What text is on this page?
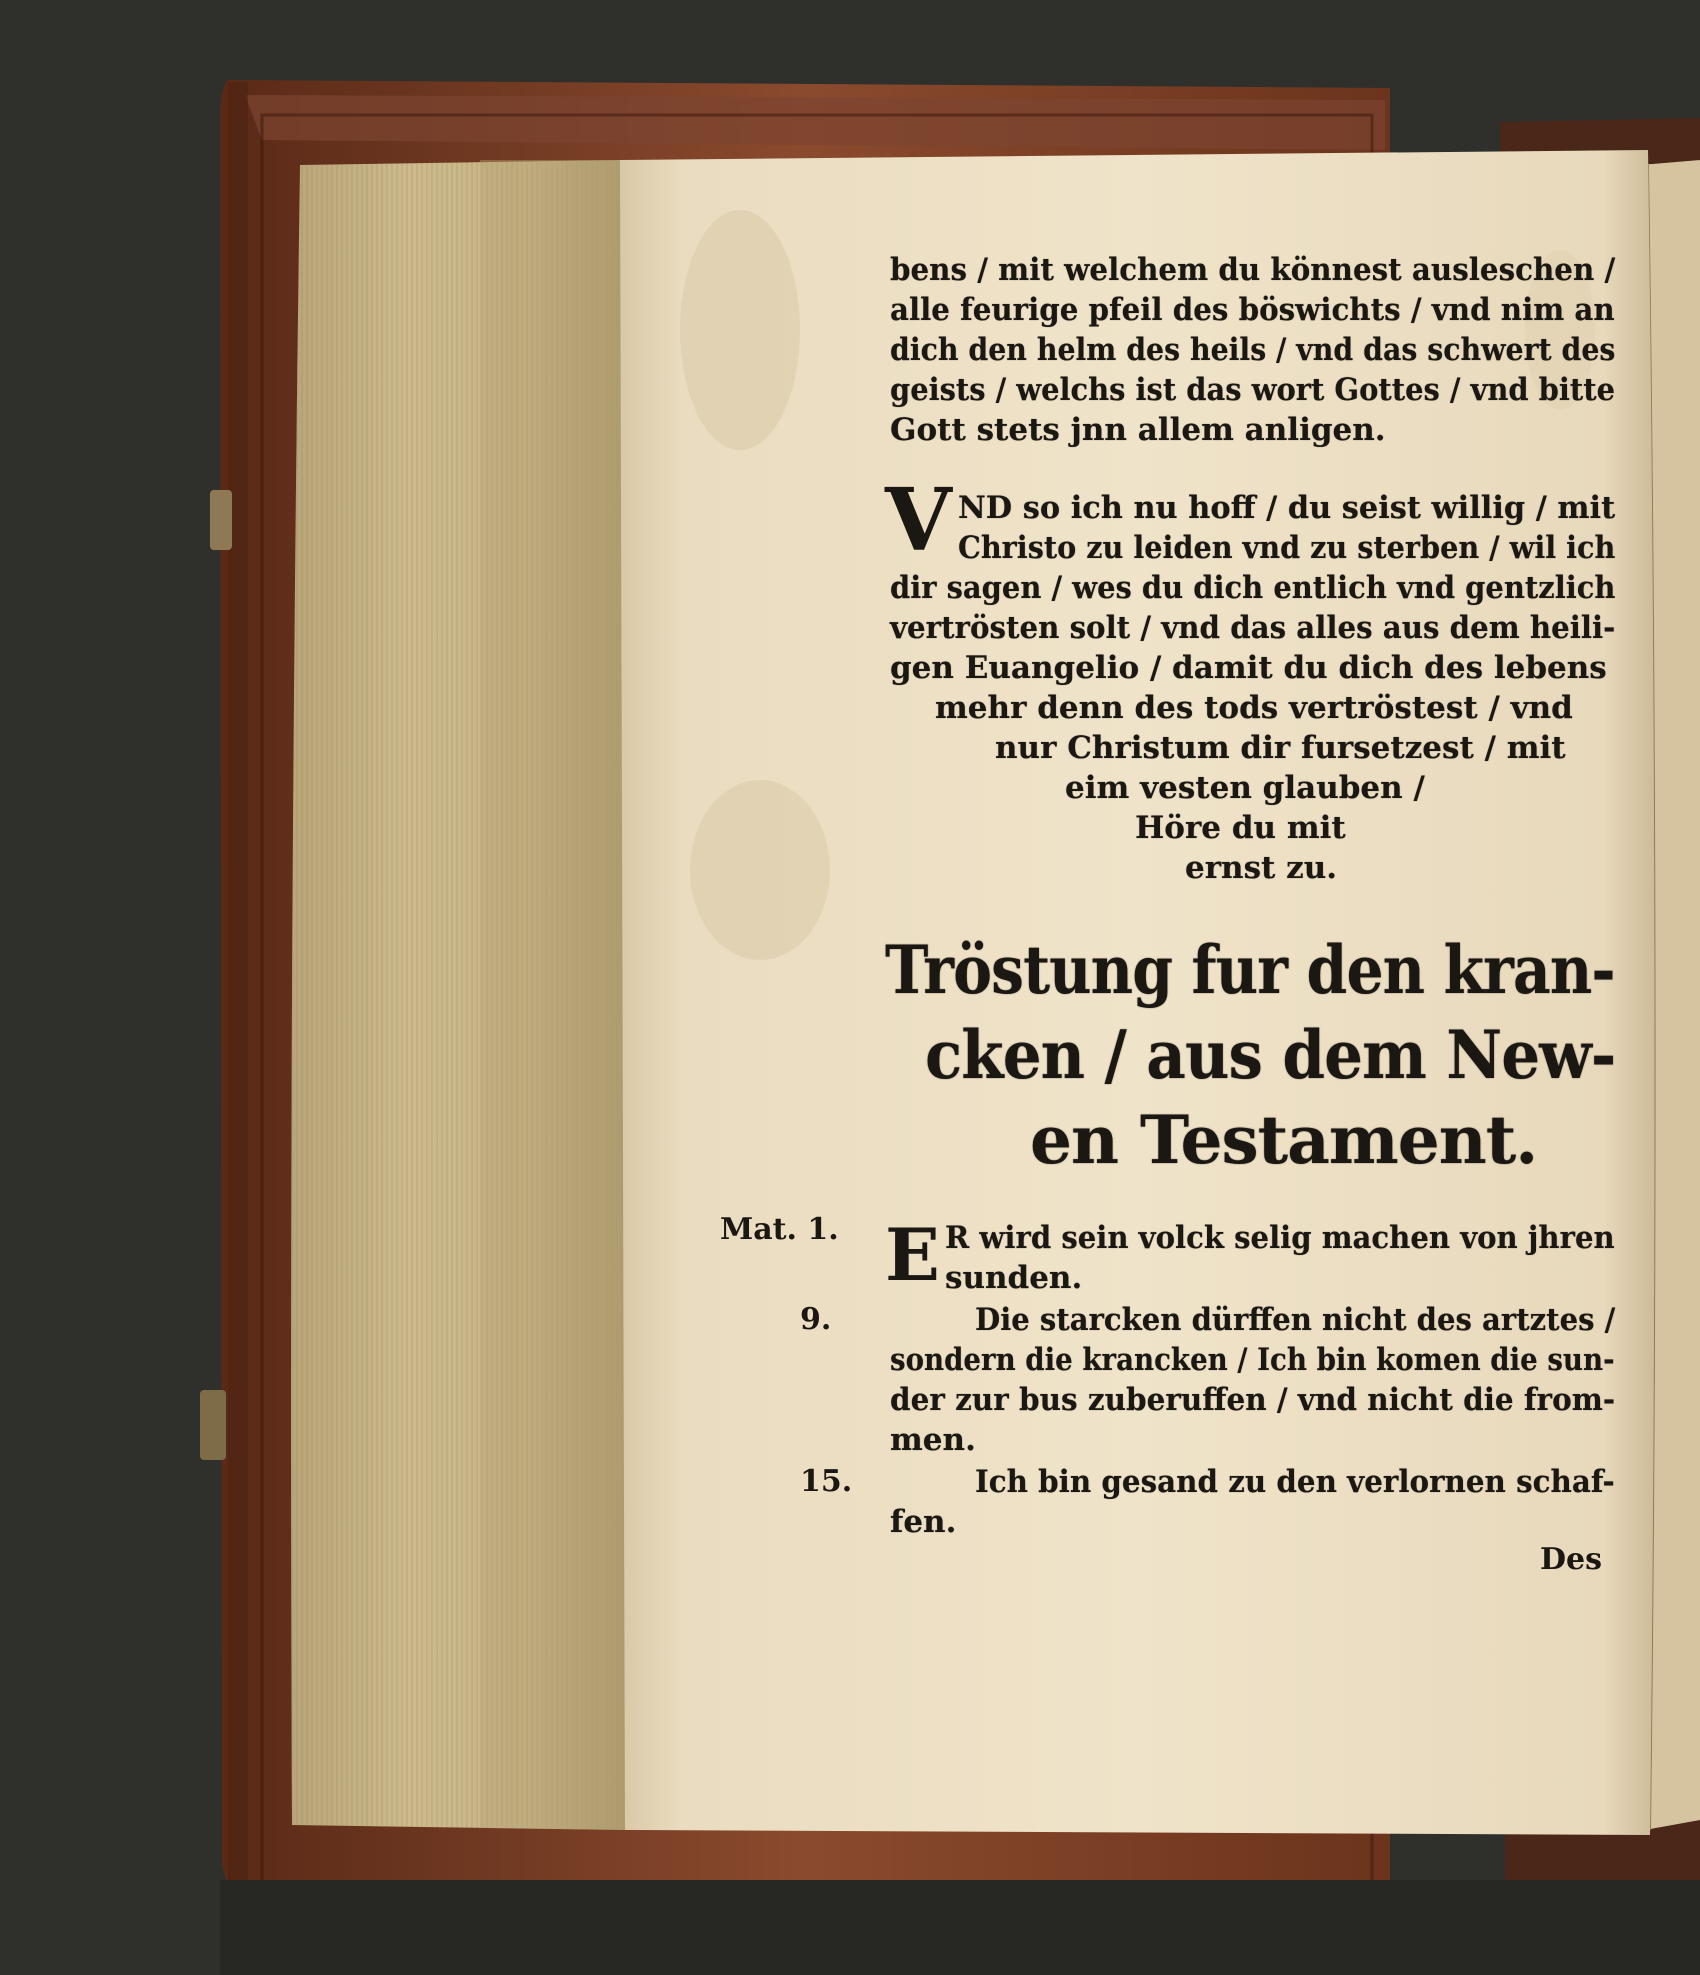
bens / mit welchem du könnest ausleschen /
alle feurige pfeil des böswichts / vnd nim an
dich den helm des heils / vnd das schwert des
geists / welchs ist das wort Gottes / vnd bitte
Gott stets jnn allem anligen.
V ND so ich nu hoff / du seist willig / mit
Christo zu leiden vnd zu sterben / wil ich
dir sagen / wes du dich entlich vnd gentzlich
vertrösten solt / vnd das alles aus dem heili-
gen Euangelio / damit du dich des lebens
mehr denn des tods vertröstest / vnd
nur Christum dir fursetzest / mit
eim vesten glauben /
Höre du mit
ernst zu.
Tröstung fur den kran-
cken / aus dem New-
en Testament.
Mat. 1. E R wird sein volck selig machen von jhren
sunden.
9.	Die starcken dürffen nicht des artztes /
sondern die krancken / Ich bin komen die sun-
der zur bus zuberuffen / vnd nicht die from-
men.
15.	Ich bin gesand zu den verlornen schaf-
fen.
Des
